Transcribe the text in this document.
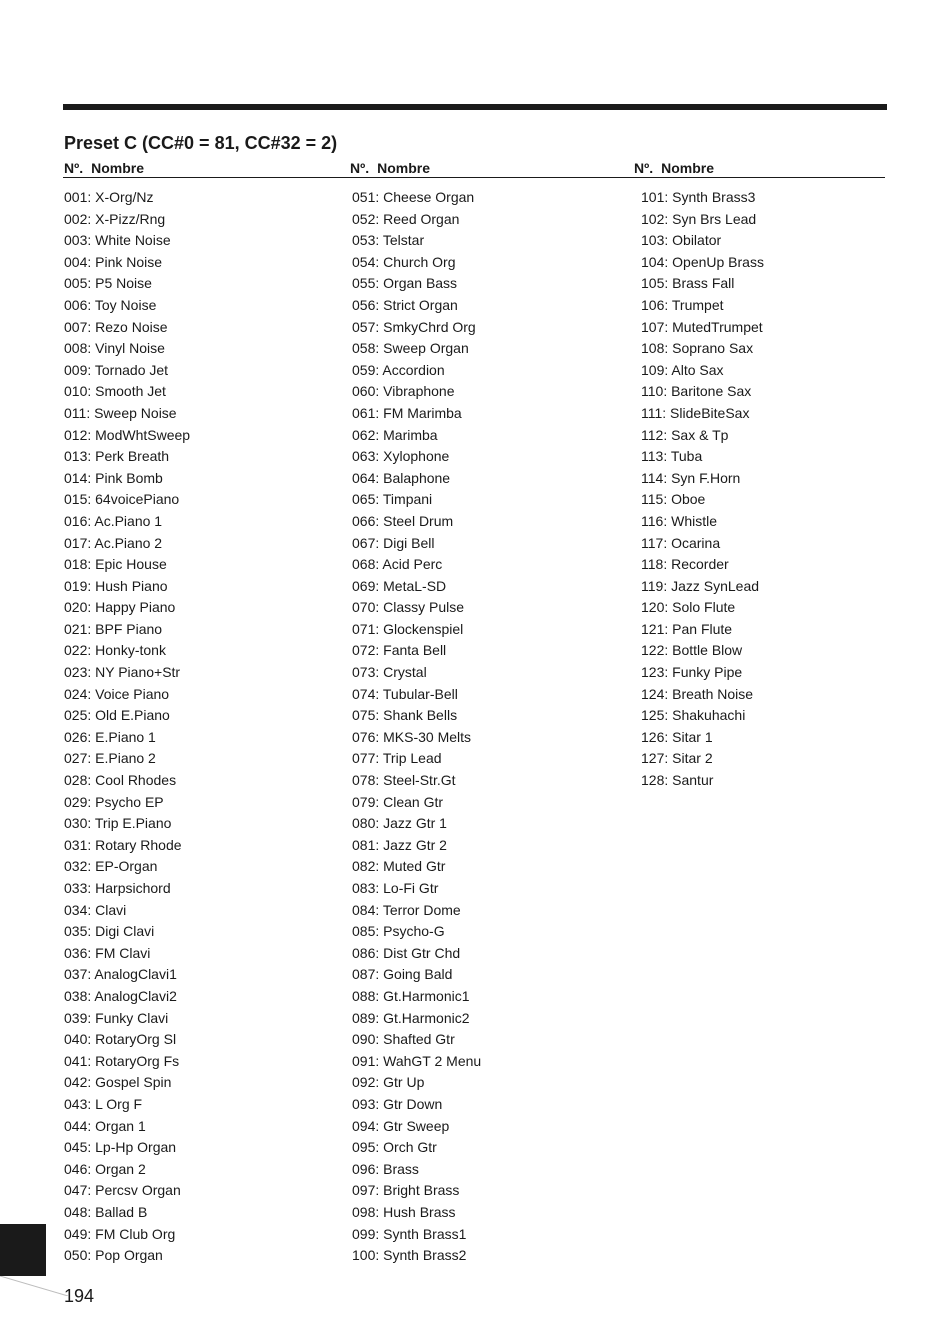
Preset C (CC#0 = 81, CC#32 = 2)
Nº. Nombre	Nº. Nombre	Nº. Nombre
001: X-Org/Nz
002: X-Pizz/Rng
003: White Noise
004: Pink Noise
005: P5 Noise
006: Toy Noise
007: Rezo Noise
008: Vinyl Noise
009: Tornado Jet
010: Smooth Jet
011: Sweep Noise
012: ModWhtSweep
013: Perk Breath
014: Pink Bomb
015: 64voicePiano
016: Ac.Piano 1
017: Ac.Piano 2
018: Epic House
019: Hush Piano
020: Happy Piano
021: BPF Piano
022: Honky-tonk
023: NY Piano+Str
024: Voice Piano
025: Old E.Piano
026: E.Piano 1
027: E.Piano 2
028: Cool Rhodes
029: Psycho EP
030: Trip E.Piano
031: Rotary Rhode
032: EP-Organ
033: Harpsichord
034: Clavi
035: Digi Clavi
036: FM Clavi
037: AnalogClavi1
038: AnalogClavi2
039: Funky Clavi
040: RotaryOrg Sl
041: RotaryOrg Fs
042: Gospel Spin
043: L Org F
044: Organ 1
045: Lp-Hp Organ
046: Organ 2
047: Percsv Organ
048: Ballad B
049: FM Club Org
050: Pop Organ
051: Cheese Organ
052: Reed Organ
053: Telstar
054: Church Org
055: Organ Bass
056: Strict Organ
057: SmkyChrd Org
058: Sweep Organ
059: Accordion
060: Vibraphone
061: FM Marimba
062: Marimba
063: Xylophone
064: Balaphone
065: Timpani
066: Steel Drum
067: Digi Bell
068: Acid Perc
069: MetaL-SD
070: Classy Pulse
071: Glockenspiel
072: Fanta Bell
073: Crystal
074: Tubular-Bell
075: Shank Bells
076: MKS-30 Melts
077: Trip Lead
078: Steel-Str.Gt
079: Clean Gtr
080: Jazz Gtr 1
081: Jazz Gtr 2
082: Muted Gtr
083: Lo-Fi Gtr
084: Terror Dome
085: Psycho-G
086: Dist Gtr Chd
087: Going Bald
088: Gt.Harmonic1
089: Gt.Harmonic2
090: Shafted Gtr
091: WahGT 2 Menu
092: Gtr Up
093: Gtr Down
094: Gtr Sweep
095: Orch Gtr
096: Brass
097: Bright Brass
098: Hush Brass
099: Synth Brass1
100: Synth Brass2
101: Synth Brass3
102: Syn Brs Lead
103: Obilator
104: OpenUp Brass
105: Brass Fall
106: Trumpet
107: MutedTrumpet
108: Soprano Sax
109: Alto Sax
110: Baritone Sax
111: SlideBiteSax
112: Sax & Tp
113: Tuba
114: Syn F.Horn
115: Oboe
116: Whistle
117: Ocarina
118: Recorder
119: Jazz SynLead
120: Solo Flute
121: Pan Flute
122: Bottle Blow
123: Funky Pipe
124: Breath Noise
125: Shakuhachi
126: Sitar 1
127: Sitar 2
128: Santur
194
